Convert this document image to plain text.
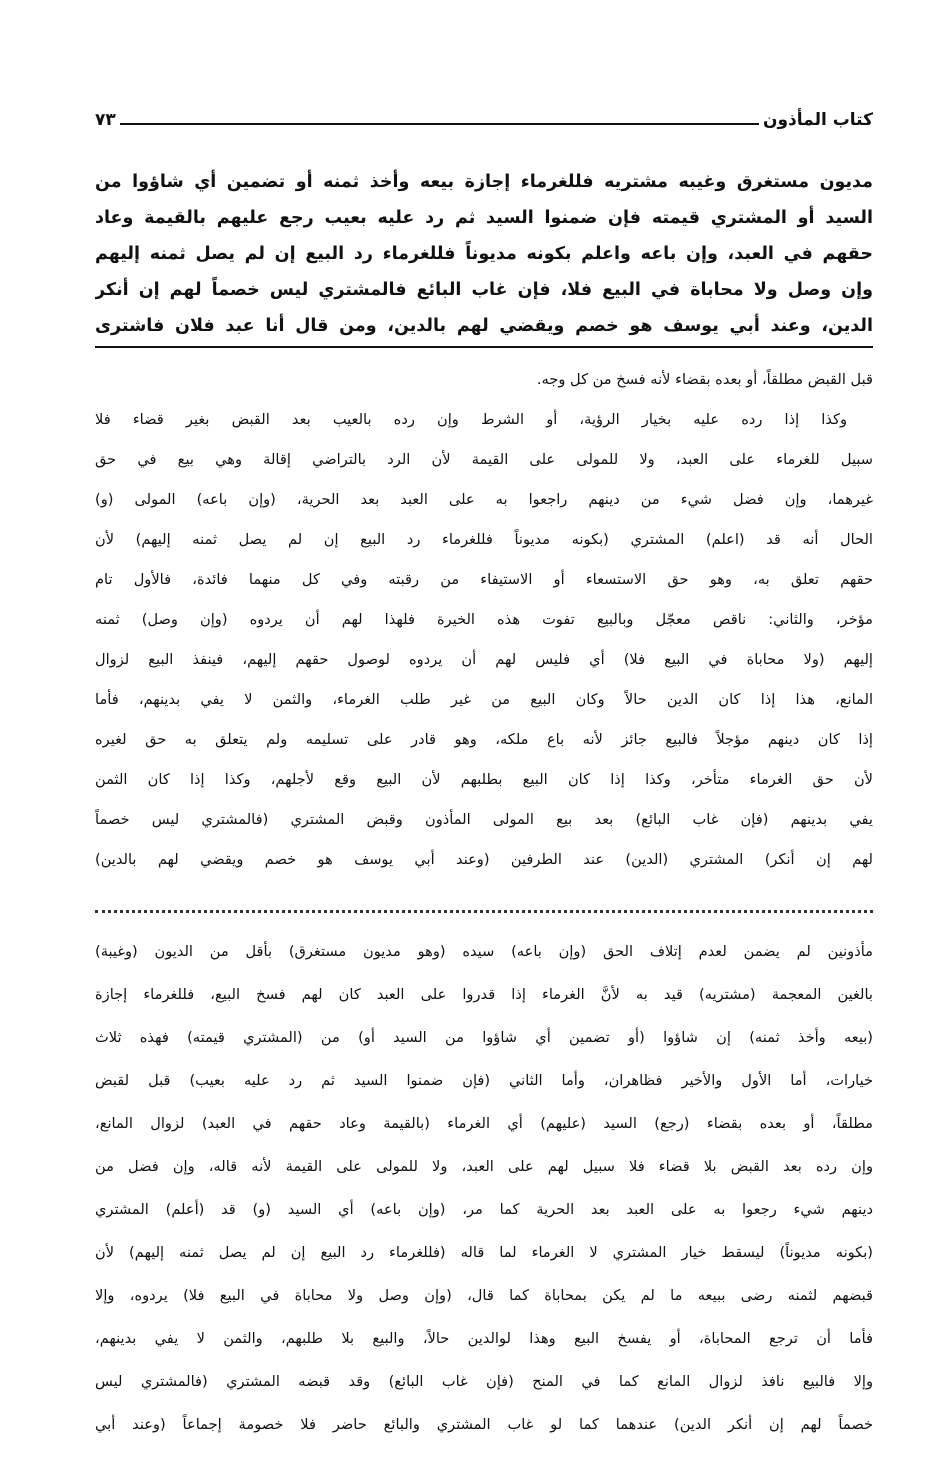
كتاب المأذون
٧٣
مديون مستغرق وغيبه مشتريه فللغرماء إجازة بيعه وأخذ ثمنه أو تضمين أي شاؤوا من
السيد أو المشتري قيمته فإن ضمنوا السيد ثم رد عليه بعيب رجع عليهم بالقيمة وعاد
حقهم في العبد، وإن باعه واعلم بكونه مديوناً فللغرماء رد البيع إن لم يصل ثمنه إليهم
وإن وصل ولا محاباة في البيع فلا، فإن غاب البائع فالمشتري ليس خصماً لهم إن أنكر
الدين، وعند أبي يوسف هو خصم ويقضي لهم بالدين، ومن قال أنا عبد فلان فاشترى
قبل القبض مطلقاً، أو بعده بقضاء لأنه فسخ من كل وجه.
وكذا إذا رده عليه بخيار الرؤية، أو الشرط وإن رده بالعيب بعد القبض بغير قضاء فلا
سبيل للغرماء على العبد، ولا للمولى على القيمة لأن الرد بالتراضي إقالة وهي بيع في حق
غيرهما، وإن فضل شيء من دينهم راجعوا به على العبد بعد الحرية، (وإن باعه) المولى (و)
الحال أنه قد (اعلم) المشتري (بكونه مديوناً فللغرماء رد البيع إن لم يصل ثمنه إليهم) لأن
حقهم تعلق به، وهو حق الاستسعاء أو الاستيفاء من رقبته وفي كل منهما فائدة، فالأول تام
مؤخر، والثاني: ناقص معجّل وبالبيع تفوت هذه الخيرة فلهذا لهم أن يردوه (وإن وصل) ثمنه
إليهم (ولا محاباة في البيع فلا) أي فليس لهم أن يردوه لوصول حقهم إليهم، فينفذ البيع لزوال
المانع، هذا إذا كان الدين حالاً وكان البيع من غير طلب الغرماء، والثمن لا يفي بدينهم، فأما
إذا كان دينهم مؤجلاً فالبيع جائز لأنه باع ملكه، وهو قادر على تسليمه ولم يتعلق به حق لغيره
لأن حق الغرماء متأخر، وكذا إذا كان البيع بطلبهم لأن البيع وقع لأجلهم، وكذا إذا كان الثمن
يفي بدينهم (فإن غاب البائع) بعد بيع المولى المأذون وقبض المشتري (فالمشتري ليس خصماً
لهم إن أنكر) المشتري (الدين) عند الطرفين (وعند أبي يوسف هو خصم ويقضي لهم بالدين)
مأذونين لم يضمن لعدم إتلاف الحق (وإن باعه) سيده (وهو مديون مستغرق) بأقل من الديون (وغيبة)
بالغين المعجمة (مشتريه) قيد به لأنَّ الغرماء إذا قدروا على العبد كان لهم فسخ البيع، فللغرماء إجازة
(بيعه وأخذ ثمنه) إن شاؤوا (أو تضمين أي شاؤوا من السيد أو) من (المشتري قيمته) فهذه ثلاث
خيارات، أما الأول والأخير فظاهران، وأما الثاني (فإن ضمنوا السيد ثم رد عليه بعيب) قبل لقبض
مطلقاً، أو بعده بقضاء (رجع) السيد (عليهم) أي الغرماء (بالقيمة وعاد حقهم في العبد) لزوال المانع،
وإن رده بعد القبض بلا قضاء فلا سبيل لهم على العبد، ولا للمولى على القيمة لأنه قاله، وإن فضل من
دينهم شيء رجعوا به على العبد بعد الحرية كما مر، (وإن باعه) أي السيد (و) قد (أعلم) المشتري
(بكونه مديوناً) ليسقط خيار المشتري لا الغرماء لما قاله (فللغرماء رد البيع إن لم يصل ثمنه إليهم) لأن
قبضهم لثمنه رضى ببيعه ما لم يكن بمحاباة كما قال، (وإن وصل ولا محاباة في البيع فلا) يردوه، وإلا
فأما أن ترجع المحاباة، أو يفسخ البيع وهذا لوالدين حالاً، والبيع بلا طلبهم، والثمن لا يفي بدينهم،
وإلا فالبيع نافذ لزوال المانع كما في المنح (فإن غاب البائع) وقد قبضه المشتري (فالمشتري ليس
خصماً لهم إن أنكر الدين) عندهما كما لو غاب المشتري والبائع حاضر فلا خصومة إجماعاً (وعند أبي
